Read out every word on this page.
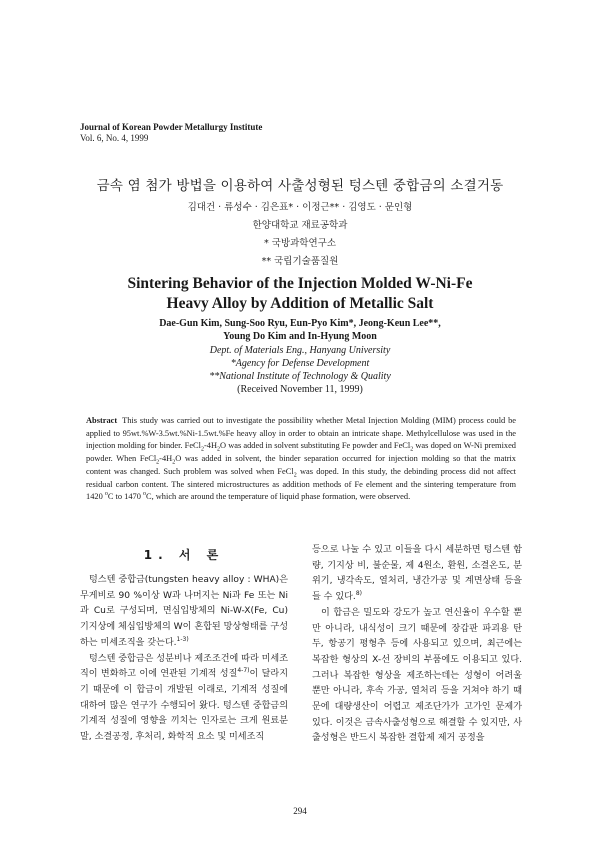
Journal of Korean Powder Metallurgy Institute
Vol. 6, No. 4, 1999
금속 염 첨가 방법을 이용하여 사출성형된 텅스텐 중합금의 소결거동
김대건 · 류성수 · 김은표* · 이정근** · 김영도 · 문인형
한양대학교 재료공학과
* 국방과학연구소
** 국립기술품질원
Sintering Behavior of the Injection Molded W-Ni-Fe
Heavy Alloy by Addition of Metallic Salt
Dae-Gun Kim, Sung-Soo Ryu, Eun-Pyo Kim*, Jeong-Keun Lee**,
Young Do Kim and In-Hyung Moon
Dept. of Materials Eng., Hanyang University
*Agency for Defense Development
**National Institute of Technology & Quality
(Received November 11, 1999)

Abstract This study was carried out to investigate the possibility whether Metal Injection Molding (MIM) process could be applied to 95wt.%W-3.5wt.%Ni-1.5wt.%Fe heavy alloy in order to obtain an intricate shape. Methylcellulose was used in the injection molding for binder. $FeCl_2-4H_2O$ was added in solvent substituting Fe powder and FeCl$_2$ was doped on W-Ni premixed powder. When $FeCl_2-4H_2O$ was added in solvent, the binder separation occurred for injection molding so that the matrix content was changed. Such problem was solved when FeCl$_2$ was doped. In this study, the debinding process did not affect residual carbon content. The sintered microstructures as addition methods of Fe element and the sintering temperature from 1420 $^o$C to 1470 $^o$C, which are around the temperature of liquid phase formation, were observed.

1. 서 론

텅스텐 중합금(tungsten heavy alloy : WHA)은 무게비로 90 %이상 W과 나머지는 Ni과 Fe 또는 Ni과 Cu로 구성되며, 면심입방체의 Ni-W-X(Fe, Cu) 기지상에 체심입방체의 W이 혼합된 망상형태를 구성하는 미세조직을 갖는다.$^{1-3)}$

텅스텐 중합금은 성분비나 제조조건에 따라 미세조직이 변화하고 이에 연관된 기계적 성질$^{4-7)}$이 달라지기 때문에 이 합금이 개발된 이래로, 기계적 성질에 대하여 많은 연구가 수행되어 왔다. 텅스텐 중합금의 기계적 성질에 영향을 끼치는 인자로는 크게 원료분말, 소결공정, 후처리, 화학적 요소 및 미세조직

등으로 나눌 수 있고 이들을 다시 세분하면 텅스텐 함량, 기지상 비, 불순물, 제 4원소, 환원, 소결온도, 분위기, 냉각속도, 열처리, 냉간가공 및 계면상태 등을 들 수 있다.$^{8)}$

이 합금은 밀도와 강도가 높고 연신율이 우수할 뿐만 아니라, 내식성이 크기 때문에 장갑판 파괴용 탄두, 항공기 평형추 등에 사용되고 있으며, 최근에는 복잡한 형상의 X-선 장비의 부품에도 이용되고 있다. 그러나 복잡한 형상을 제조하는데는 성형이 어려울 뿐만 아니라, 후속 가공, 열처리 등을 거쳐야 하기 때문에 대량생산이 어렵고 제조단가가 고가인 문제가 있다. 이것은 금속사출성형으로 해결할 수 있지만, 사출성형은 반드시 복잡한 결합제 제거 공정을

294
